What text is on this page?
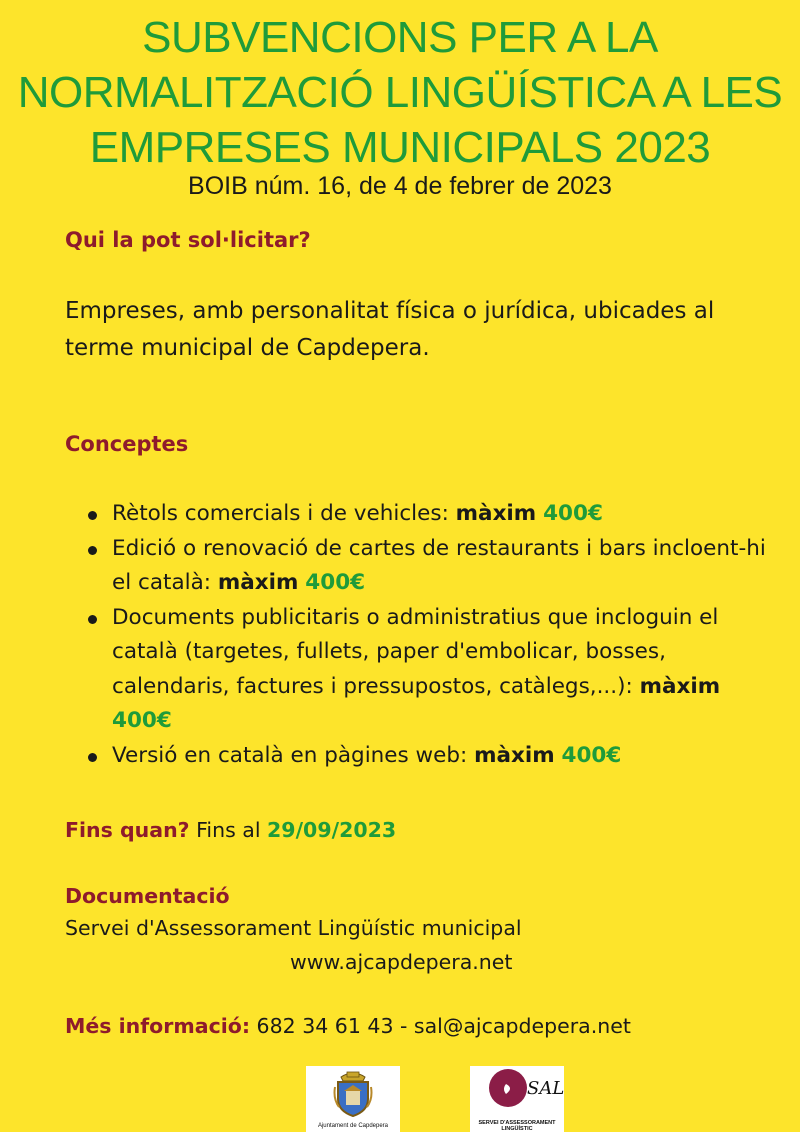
SUBVENCIONS PER A LA
NORMALITZACIÓ LINGÜÍSTICA A LES
EMPRESES MUNICIPALS 2023
BOIB núm. 16, de 4 de febrer de 2023
Qui la pot sol·licitar?
Empreses, amb personalitat física o jurídica, ubicades al terme municipal de Capdepera.
Conceptes
Rètols comercials i de vehicles: màxim 400€
Edició o renovació de cartes de restaurants i bars incloent-hi el català: màxim 400€
Documents publicitaris o administratius que incloguin el català (targetes, fullets, paper d'embolicar, bosses, calendaris, factures i pressupostos, catàlegs,...): màxim 400€
Versió en català en pàgines web: màxim 400€
Fins quan? Fins al 29/09/2023
Documentació
Servei d'Assessorament Lingüístic municipal
www.ajcapdepera.net
Més informació: 682 34 61 43 - sal@ajcapdepera.net
Ajuntament de Capdepera
SAL
SERVEI D'ASSESSORAMENT
LINGÜÍSTIC
